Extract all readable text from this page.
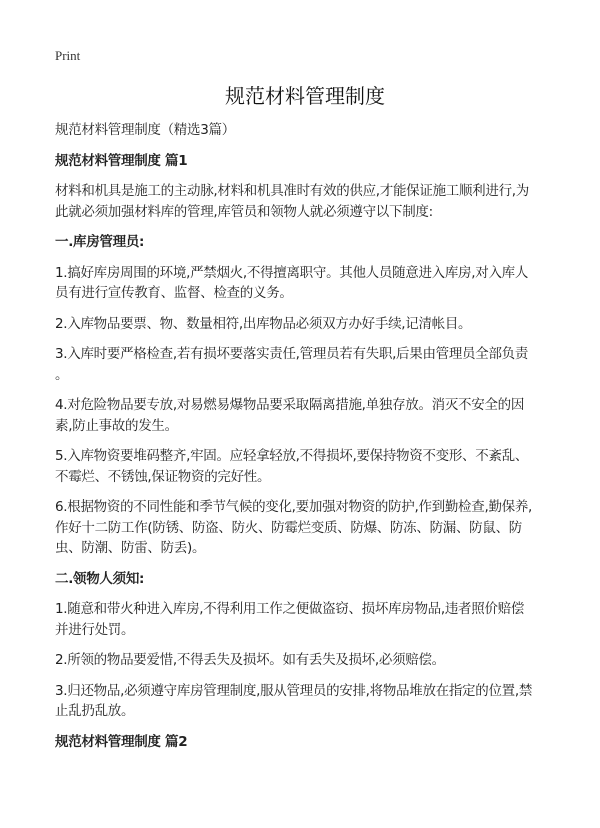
Print
规范材料管理制度
规范材料管理制度（精选3篇）
规范材料管理制度 篇1
材料和机具是施工的主动脉,材料和机具准时有效的供应,才能保证施工顺利进行,为
此就必须加强材料库的管理,库管员和领物人就必须遵守以下制度:
一.库房管理员:
1.搞好库房周围的环境,严禁烟火,不得擅离职守。其他人员随意进入库房,对入库人
员有进行宣传教育、监督、检查的义务。
2.入库物品要票、物、数量相符,出库物品必须双方办好手续,记清帐目。
3.入库时要严格检查,若有损坏要落实责任,管理员若有失职,后果由管理员全部负责
。
4.对危险物品要专放,对易燃易爆物品要采取隔离措施,单独存放。消灭不安全的因
素,防止事故的发生。
5.入库物资要堆码整齐,牢固。应轻拿轻放,不得损坏,要保持物资不变形、不紊乱、
不霉烂、不锈蚀,保证物资的完好性。
6.根据物资的不同性能和季节气候的变化,要加强对物资的防护,作到勤检查,勤保养,
作好十二防工作(防锈、防盗、防火、防霉烂变质、防爆、防冻、防漏、防鼠、防
虫、防潮、防雷、防丢)。
二.领物人须知:
1.随意和带火种进入库房,不得利用工作之便做盗窃、损坏库房物品,违者照价赔偿
并进行处罚。
2.所领的物品要爱惜,不得丢失及损坏。如有丢失及损坏,必须赔偿。
3.归还物品,必须遵守库房管理制度,服从管理员的安排,将物品堆放在指定的位置,禁
止乱扔乱放。
规范材料管理制度 篇2
